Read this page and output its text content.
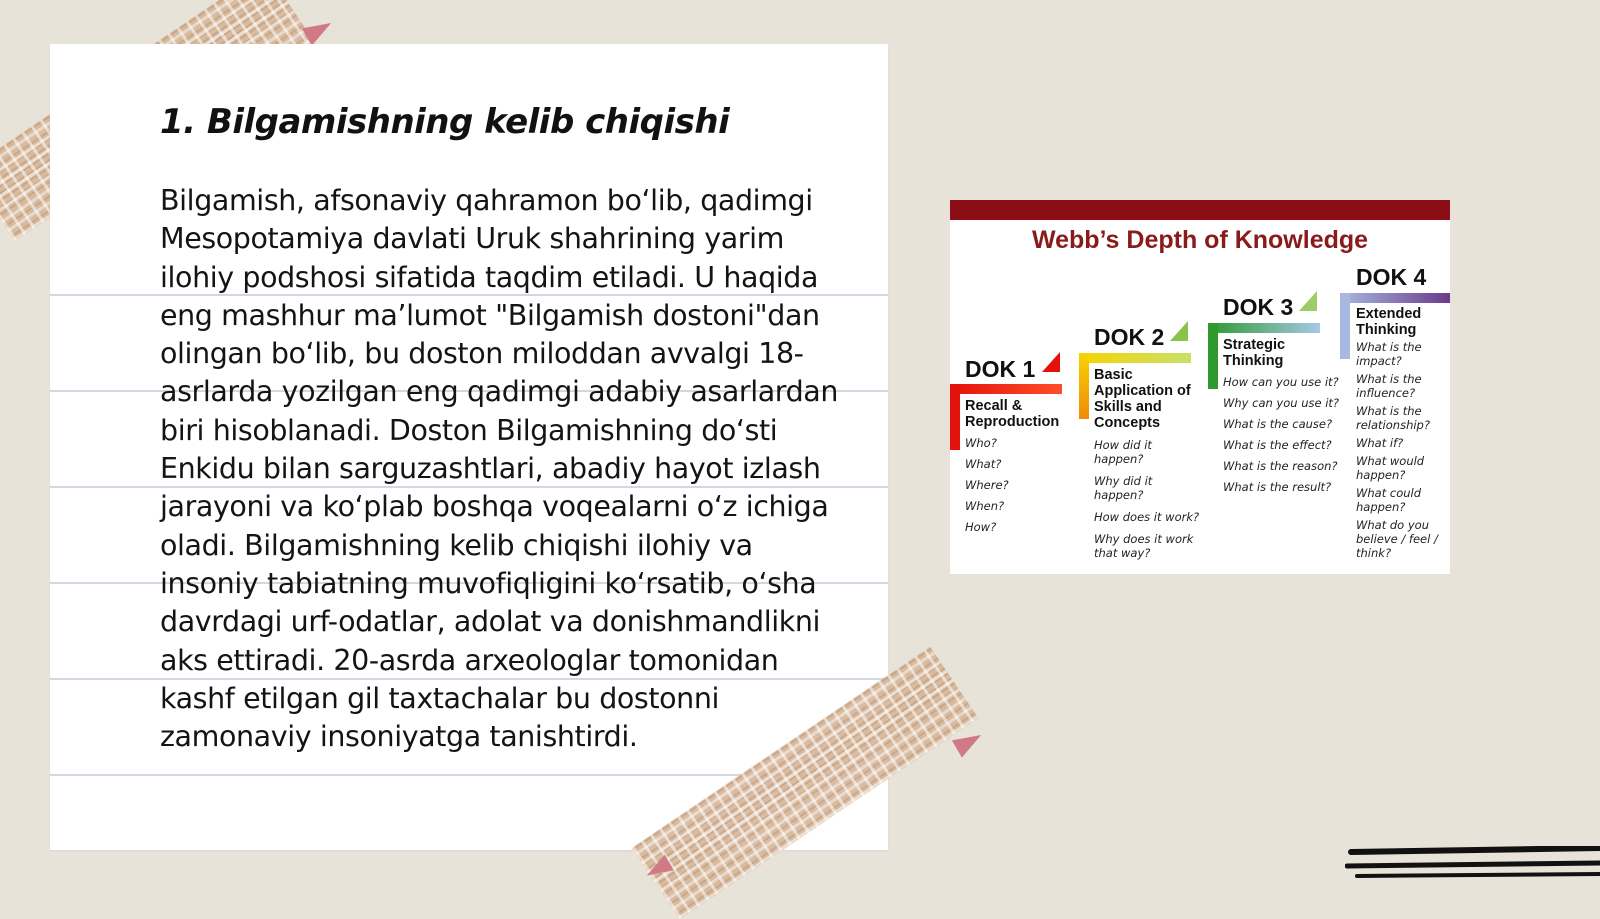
1. Bilgamishning kelib chiqishi

Bilgamish, afsonaviy qahramon bo‘lib, qadimgi Mesopotamiya davlati Uruk shahrining yarim ilohiy podshosi sifatida taqdim etiladi. U haqida eng mashhur ma’lumot "Bilgamish dostoni"dan olingan bo‘lib, bu doston miloddan avvalgi 18-asrlarda yozilgan eng qadimgi adabiy asarlardan biri hisoblanadi. Doston Bilgamishning do‘sti Enkidu bilan sarguzashtlari, abadiy hayot izlash jarayoni va ko‘plab boshqa voqealarni o‘z ichiga oladi. Bilgamishning kelib chiqishi ilohiy va insoniy tabiatning muvofiqligini ko‘rsatib, o‘sha davrdagi urf-odatlar, adolat va donishmandlikni aks ettiradi. 20-asrda arxeologlar tomonidan kashf etilgan gil taxtachalar bu dostonni zamonaviy insoniyatga tanishtirdi.

Webb’s Depth of Knowledge
DOK 1
Recall & Reproduction
Who?
What?
Where?
When?
How?
DOK 2
Basic Application of Skills and Concepts
How did it happen?
Why did it happen?
How does it work?
Why does it work that way?
DOK 3
Strategic Thinking
How can you use it?
Why can you use it?
What is the cause?
What is the effect?
What is the reason?
What is the result?
DOK 4
Extended Thinking
What is the impact?
What is the influence?
What is the relationship?
What if?
What would happen?
What could happen?
What do you believe / feel / think?
